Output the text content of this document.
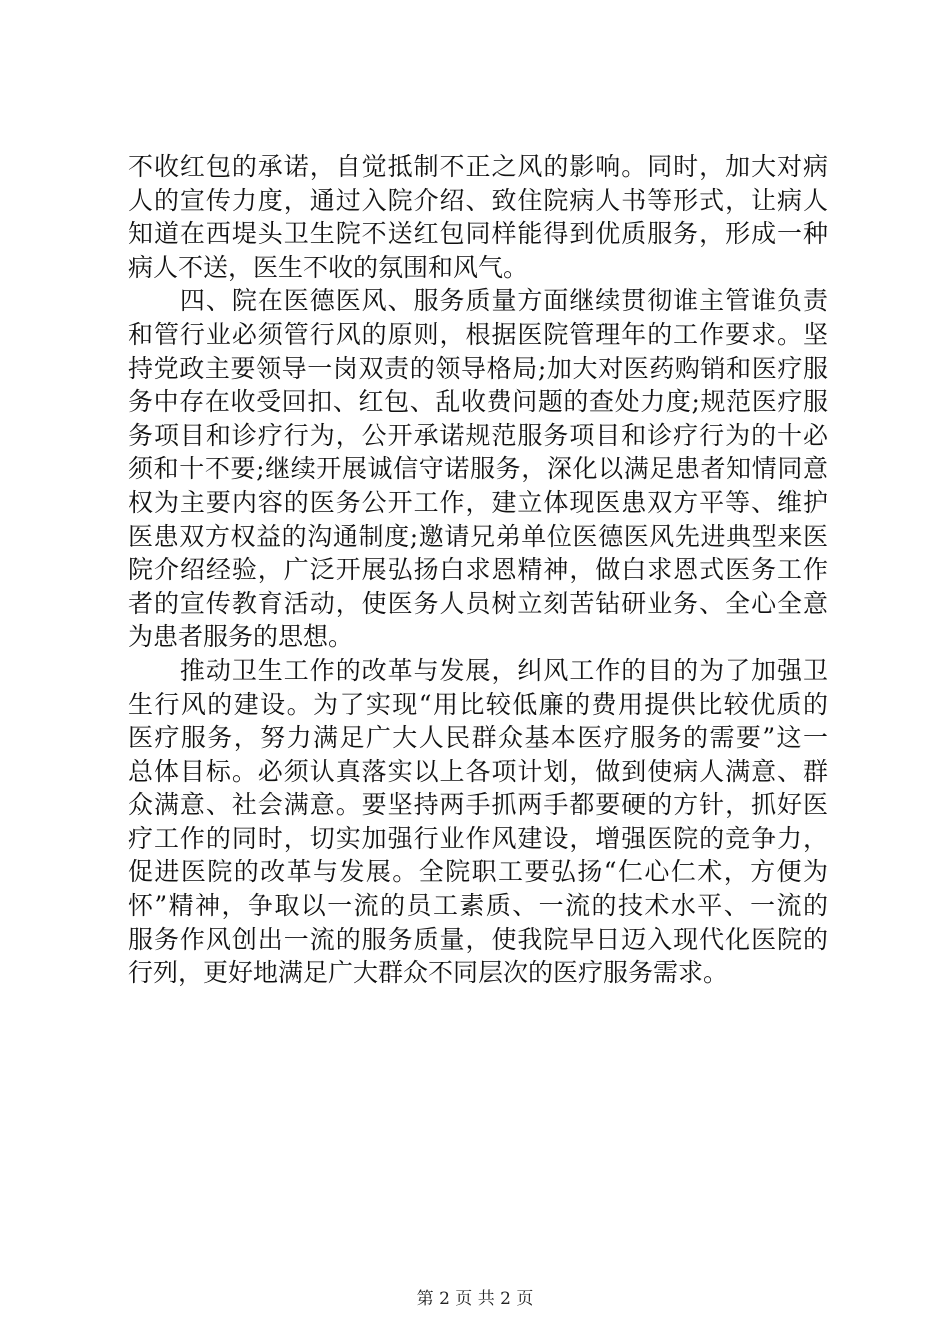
不收红包的承诺，自觉抵制不正之风的影响。同时，加大对病
人的宣传力度，通过入院介绍、致住院病人书等形式，让病人
知道在西堤头卫生院不送红包同样能得到优质服务，形成一种
病人不送，医生不收的氛围和风气。
　　四、院在医德医风、服务质量方面继续贯彻谁主管谁负责
和管行业必须管行风的原则，根据医院管理年的工作要求。坚
持党政主要领导一岗双责的领导格局;加大对医药购销和医疗服
务中存在收受回扣、红包、乱收费问题的查处力度;规范医疗服
务项目和诊疗行为，公开承诺规范服务项目和诊疗行为的十必
须和十不要;继续开展诚信守诺服务，深化以满足患者知情同意
权为主要内容的医务公开工作，建立体现医患双方平等、维护
医患双方权益的沟通制度;邀请兄弟单位医德医风先进典型来医
院介绍经验，广泛开展弘扬白求恩精神，做白求恩式医务工作
者的宣传教育活动，使医务人员树立刻苦钻研业务、全心全意
为患者服务的思想。
　　推动卫生工作的改革与发展，纠风工作的目的为了加强卫
生行风的建设。为了实现“用比较低廉的费用提供比较优质的
医疗服务，努力满足广大人民群众基本医疗服务的需要”这一
总体目标。必须认真落实以上各项计划，做到使病人满意、群
众满意、社会满意。要坚持两手抓两手都要硬的方针，抓好医
疗工作的同时，切实加强行业作风建设，增强医院的竞争力，
促进医院的改革与发展。全院职工要弘扬“仁心仁术，方便为
怀”精神，争取以一流的员工素质、一流的技术水平、一流的
服务作风创出一流的服务质量，使我院早日迈入现代化医院的
行列，更好地满足广大群众不同层次的医疗服务需求。
第 2 页 共 2 页
